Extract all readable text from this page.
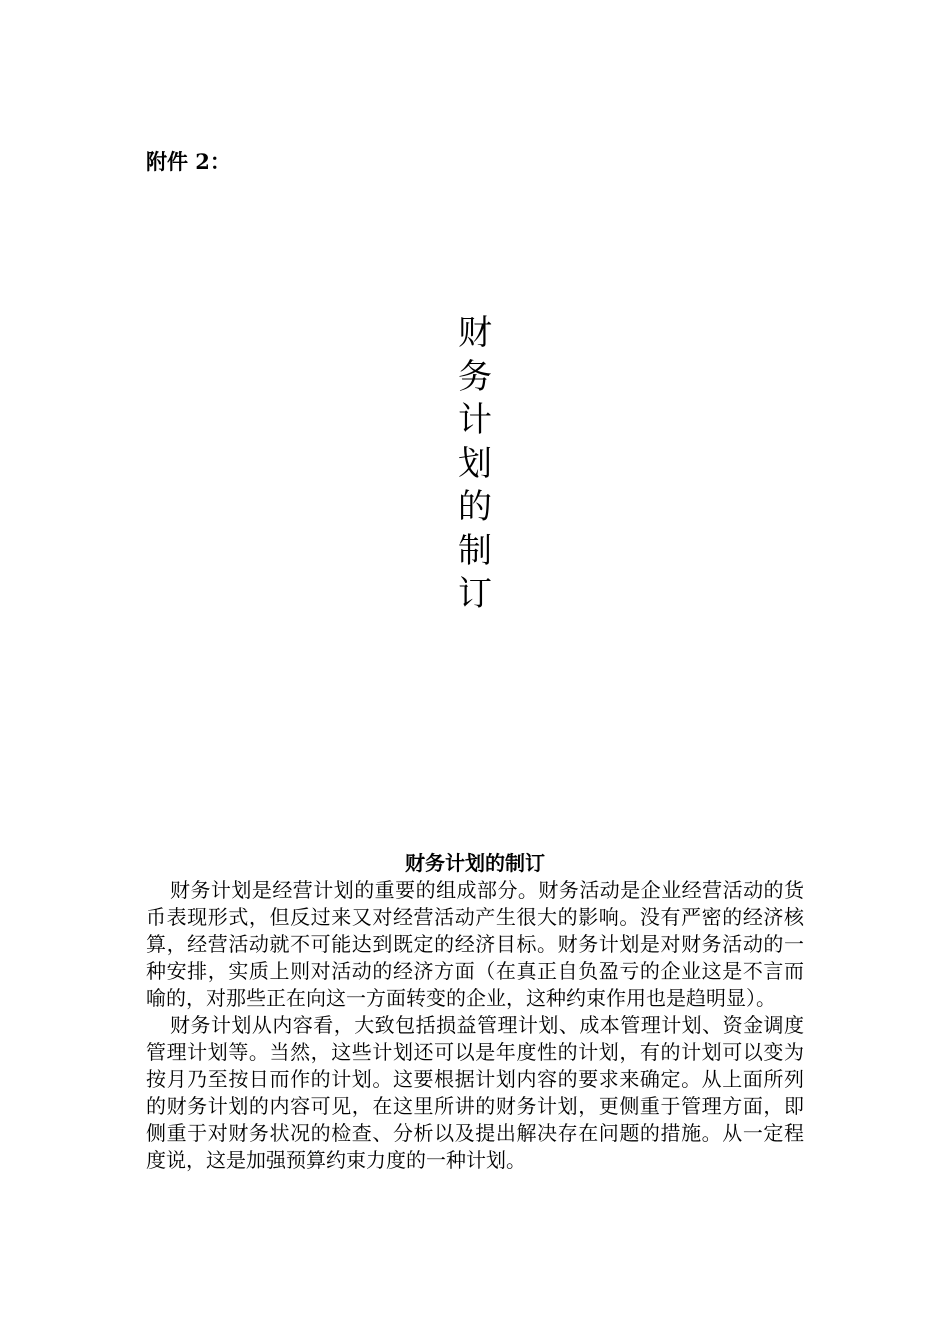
附件 2：
财
务
计
划
的
制
订
财务计划的制订

财务计划是经营计划的重要的组成部分。财务活动是企业经营活动的货币表现形式，但反过来又对经营活动产生很大的影响。没有严密的经济核算，经营活动就不可能达到既定的经济目标。财务计划是对财务活动的一种安排，实质上则对活动的经济方面（在真正自负盈亏的企业这是不言而喻的，对那些正在向这一方面转变的企业，这种约束作用也是趋明显）。

财务计划从内容看，大致包括损益管理计划、成本管理计划、资金调度管理计划等。当然，这些计划还可以是年度性的计划，有的计划可以变为按月乃至按日而作的计划。这要根据计划内容的要求来确定。从上面所列的财务计划的内容可见，在这里所讲的财务计划，更侧重于管理方面，即侧重于对财务状况的检查、分析以及提出解决存在问题的措施。从一定程度说，这是加强预算约束力度的一种计划。
